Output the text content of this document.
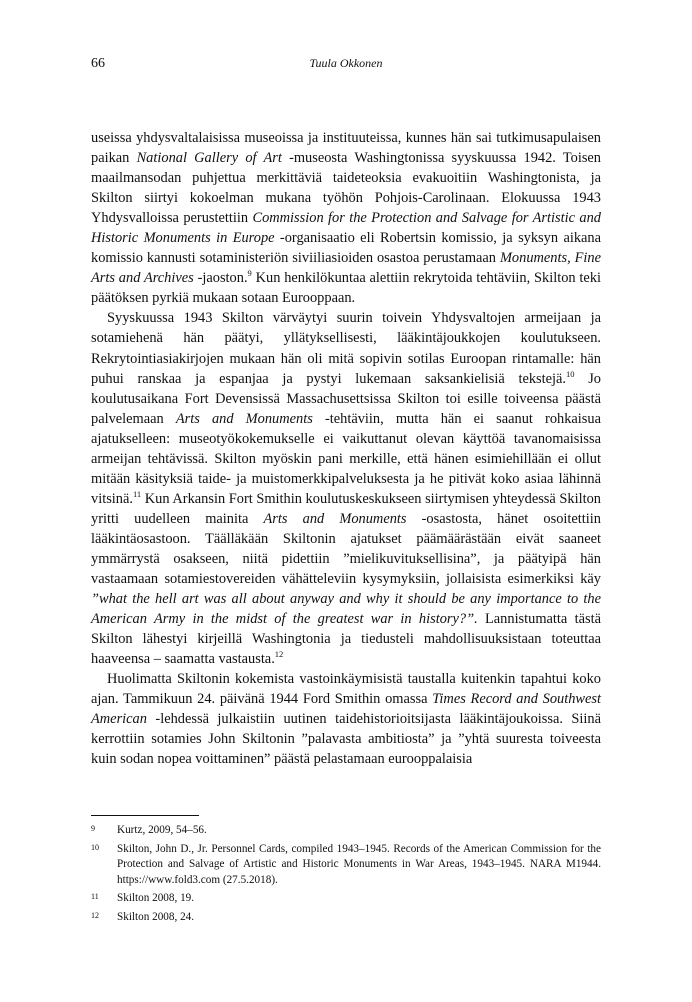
66	Tuula Okkonen

useissa yhdysvaltalaisissa museoissa ja instituuteissa, kunnes hän sai tutkimusapulaisen paikan National Gallery of Art -museosta Washingtonissa syyskuussa 1942. Toisen maailmansodan puhjettua merkittäviä taideteoksia evakuoitiin Washingtonista, ja Skilton siirtyi kokoelman mukana työhön Pohjois-Carolinaan. Elokuussa 1943 Yhdysvalloissa perustettiin Commission for the Protection and Salvage for Artistic and Historic Monuments in Europe -organisaatio eli Robertsin komissio, ja syksyn aikana komissio kannusti sotaministeriön siviiliasioiden osastoa perustamaan Monuments, Fine Arts and Archives -jaoston.$^9$ Kun henkilökuntaa alettiin rekrytoida tehtäviin, Skilton teki päätöksen pyrkiä mukaan sotaan Eurooppaan.

Syyskuussa 1943 Skilton värväytyi suurin toivein Yhdysvaltojen armeijaan ja sotamiehenä hän päätyi, yllätyksellisesti, lääkintäjoukkojen koulutukseen. Rekrytointiasiakirjojen mukaan hän oli mitä sopivin sotilas Euroopan rintamalle: hän puhui ranskaa ja espanjaa ja pystyi lukemaan saksankielisiä tekstejä.$^{10}$ Jo koulutusaikana Fort Devensissä Massachusettsissa Skilton toi esille toiveensa päästä palvelemaan Arts and Monuments -tehtäviin, mutta hän ei saanut rohkaisua ajatukselleen: museotyökokemukselle ei vaikuttanut olevan käyttöä tavanomaisissa armeijan tehtävissä. Skilton myöskin pani merkille, että hänen esimiehillään ei ollut mitään käsityksiä taide- ja muistomerkkipalveluksesta ja he pitivät koko asiaa lähinnä vitsinä.$^{11}$ Kun Arkansin Fort Smithin koulutuskeskukseen siirtymisen yhteydessä Skilton yritti uudelleen mainita Arts and Monuments -osastosta, hänet osoitettiin lääkintäosastoon. Täälläkään Skiltonin ajatukset päämäärästään eivät saaneet ymmärrystä osakseen, niitä pidettiin ”mielikuvituksellisina”, ja päätyipä hän vastaamaan sotamiestovereiden vähätteleviin kysymyksiin, jollaisista esimerkiksi käy ”what the hell art was all about anyway and why it should be any importance to the American Army in the midst of the greatest war in history?”. Lannistumatta tästä Skilton lähestyi kirjeillä Washingtonia ja tiedusteli mahdollisuuksistaan toteuttaa haaveensa – saamatta vastausta.$^{12}$

Huolimatta Skiltonin kokemista vastoinkäymisistä taustalla kuitenkin tapahtui koko ajan. Tammikuun 24. päivänä 1944 Ford Smithin omassa Times Record and Southwest American -lehdessä julkaistiin uutinen taidehistorioitsijasta lääkintäjoukoissa. Siinä kerrottiin sotamies John Skiltonin ”palavasta ambitiosta” ja ”yhtä suuresta toiveesta kuin sodan nopea voittaminen” päästä pelastamaan eurooppalaisia

9 Kurtz, 2009, 54–56.
10 Skilton, John D., Jr. Personnel Cards, compiled 1943–1945. Records of the American Commission for the Protection and Salvage of Artistic and Historic Monuments in War Areas, 1943–1945. NARA M1944. https://www.fold3.com (27.5.2018).
11 Skilton 2008, 19.
12 Skilton 2008, 24.
